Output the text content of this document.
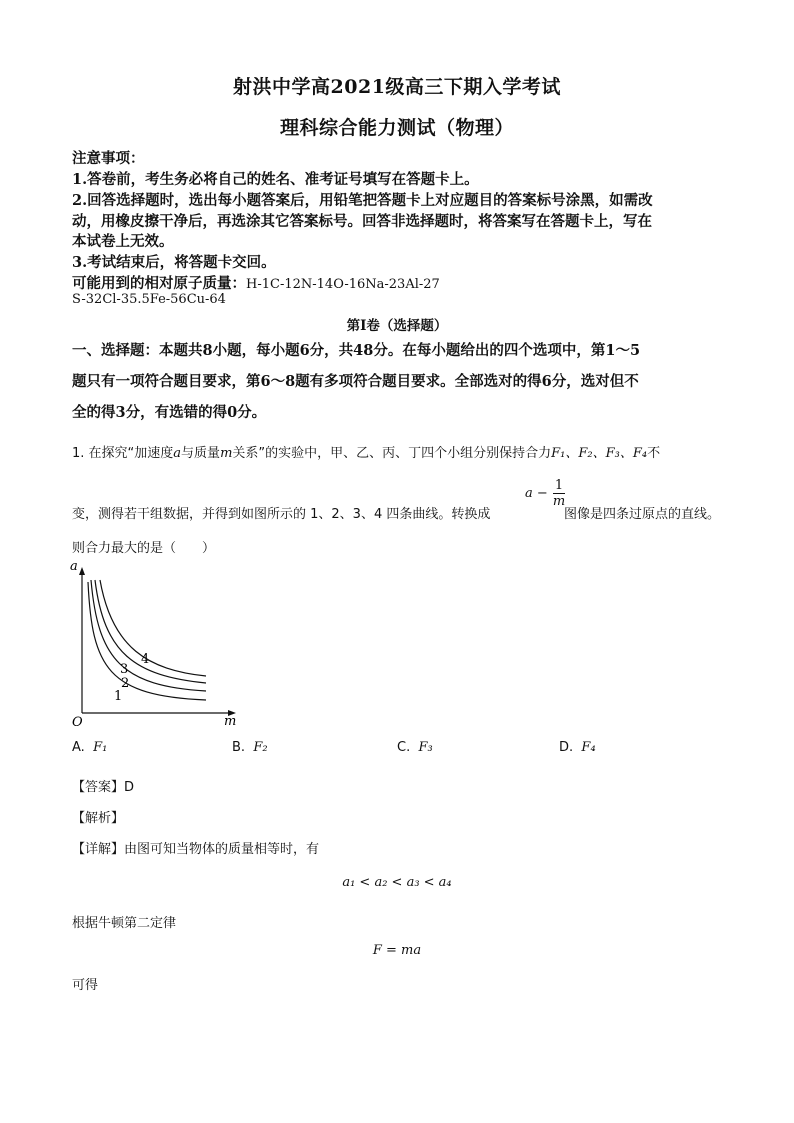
射洪中学高2021级高三下期入学考试
理科综合能力测试（物理）
注意事项：
1.答卷前，考生务必将自己的姓名、准考证号填写在答题卡上。
2.回答选择题时，选出每小题答案后，用铅笔把答题卡上对应题目的答案标号涂黑，如需改
动，用橡皮擦干净后，再选涂其它答案标号。回答非选择题时，将答案写在答题卡上，写在
本试卷上无效。
3.考试结束后，将答题卡交回。
可能用到的相对原子质量：H-1C-12N-14O-16Na-23Al-27
S-32Cl-35.5Fe-56Cu-64
第I卷（选择题）
一、选择题：本题共8小题，每小题6分，共48分。在每小题给出的四个选项中，第1～5
题只有一项符合题目要求，第6～8题有多项符合题目要求。全部选对的得6分，选对但不
全的得3分，有选错的得0分。
1. 在探究“加速度a与质量m关系”的实验中，甲、乙、丙、丁四个小组分别保持合力F₁、F₂、F₃、F₄不
变，测得若干组数据，并得到如图所示的 1、2、3、4 四条曲线。转换成
$a - \frac{1}{m}$
图像是四条过原点的直线。
则合力最大的是（　　）
a
m
O
1
2
3
4
A. F₁	B. F₂	C. F₃	D. F₄
【答案】D
【解析】
【详解】由图可知当物体的质量相等时，有
a₁ < a₂ < a₃ < a₄
根据牛顿第二定律
F = ma
可得
